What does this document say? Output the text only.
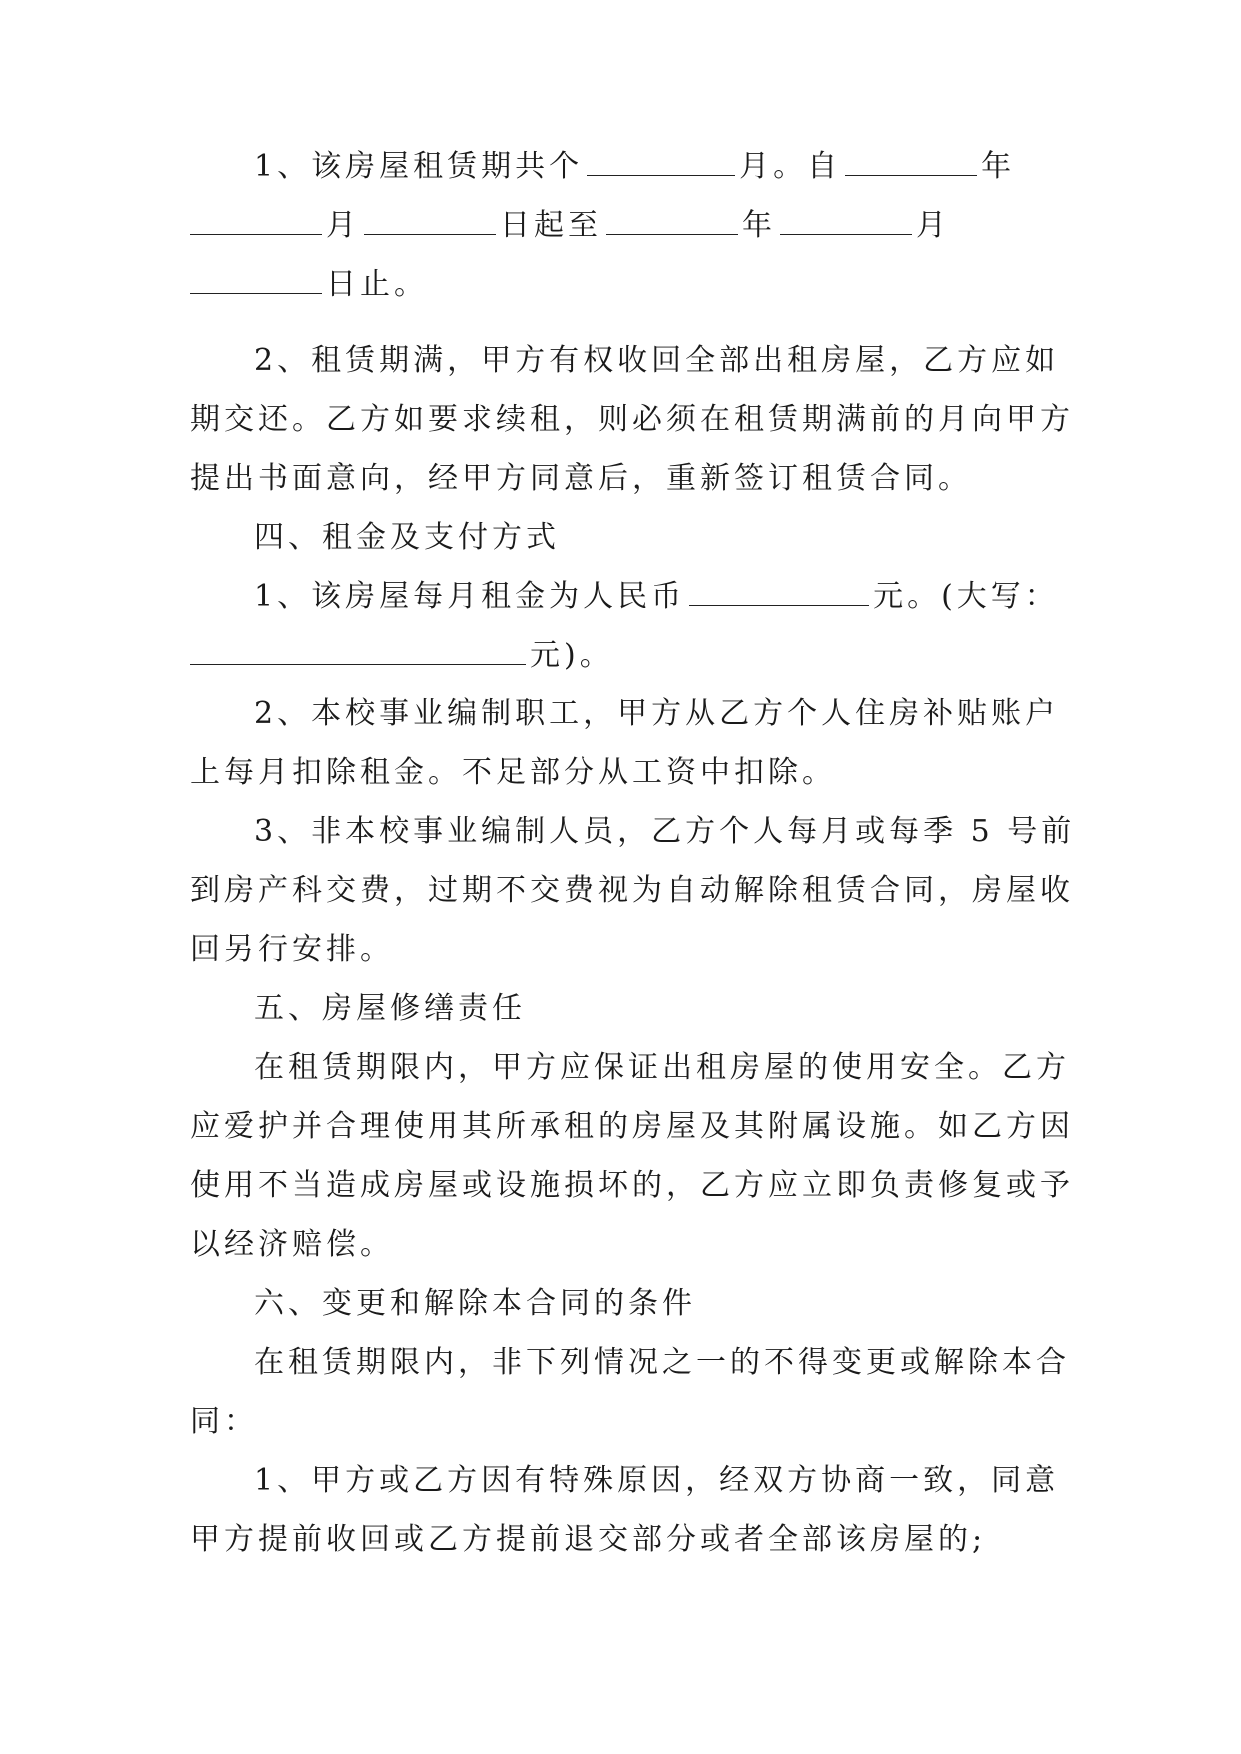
1、该房屋租赁期共个	月。自	年
月	日起至	年	月
日止。
2、租赁期满，甲方有权收回全部出租房屋，乙方应如
期交还。乙方如要求续租，则必须在租赁期满前的月向甲方
提出书面意向，经甲方同意后，重新签订租赁合同。
四、租金及支付方式
1、该房屋每月租金为人民币	元。(大写：
元)。
2、本校事业编制职工，甲方从乙方个人住房补贴账户
上每月扣除租金。不足部分从工资中扣除。
3、非本校事业编制人员，乙方个人每月或每季 5 号前
到房产科交费，过期不交费视为自动解除租赁合同，房屋收
回另行安排。
五、房屋修缮责任
在租赁期限内，甲方应保证出租房屋的使用安全。乙方
应爱护并合理使用其所承租的房屋及其附属设施。如乙方因
使用不当造成房屋或设施损坏的，乙方应立即负责修复或予
以经济赔偿。
六、变更和解除本合同的条件
在租赁期限内，非下列情况之一的不得变更或解除本合
同：
1、甲方或乙方因有特殊原因，经双方协商一致，同意
甲方提前收回或乙方提前退交部分或者全部该房屋的;
